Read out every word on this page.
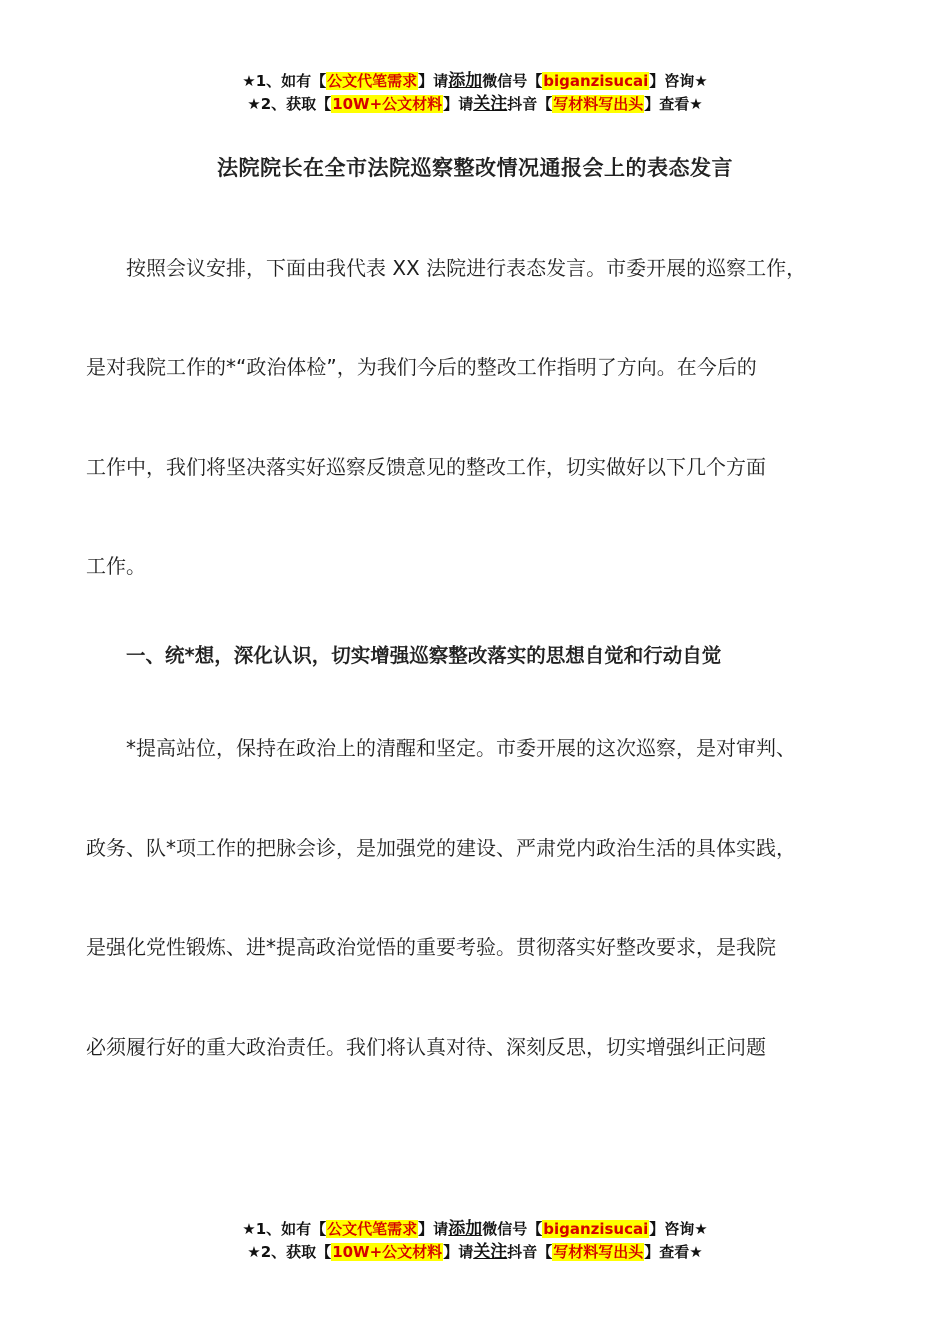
★1、如有【公文代笔需求】请添加微信号【biganzisucai】咨询★
★2、获取【10W+公文材料】请关注抖音【写材料写出头】查看★
法院院长在全市法院巡察整改情况通报会上的表态发言
按照会议安排，下面由我代表 XX 法院进行表态发言。市委开展的巡察工作，
是对我院工作的*“政治体检”，为我们今后的整改工作指明了方向。在今后的
工作中，我们将坚决落实好巡察反馈意见的整改工作，切实做好以下几个方面
工作。
一、统*想，深化认识，切实增强巡察整改落实的思想自觉和行动自觉
*提高站位，保持在政治上的清醒和坚定。市委开展的这次巡察，是对审判、
政务、队*项工作的把脉会诊，是加强党的建设、严肃党内政治生活的具体实践，
是强化党性锻炼、进*提高政治觉悟的重要考验。贯彻落实好整改要求，是我院
必须履行好的重大政治责任。我们将认真对待、深刻反思，切实增强纠正问题
★1、如有【公文代笔需求】请添加微信号【biganzisucai】咨询★
★2、获取【10W+公文材料】请关注抖音【写材料写出头】查看★
